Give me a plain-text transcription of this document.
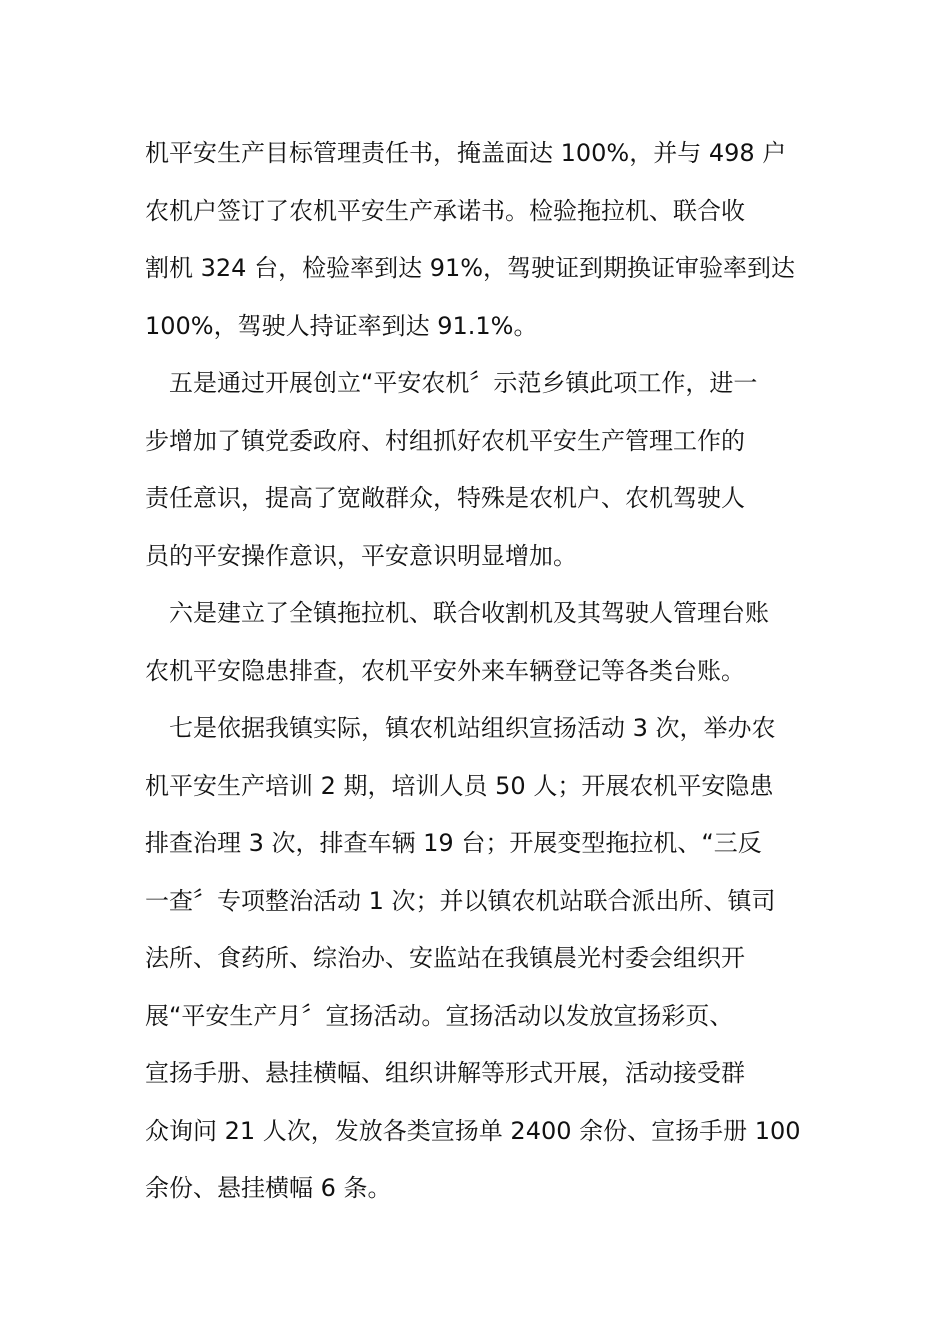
机平安生产目标管理责任书，掩盖面达 100%，并与 498 户
农机户签订了农机平安生产承诺书。检验拖拉机、联合收
割机 324 台，检验率到达 91%，驾驶证到期换证审验率到达
100%，驾驶人持证率到达 91.1%。

五是通过开展创立“平安农机〞示范乡镇此项工作，进一
步增加了镇党委政府、村组抓好农机平安生产管理工作的
责任意识，提高了宽敞群众，特殊是农机户、农机驾驶人
员的平安操作意识，平安意识明显增加。

六是建立了全镇拖拉机、联合收割机及其驾驶人管理台账
农机平安隐患排查，农机平安外来车辆登记等各类台账。

七是依据我镇实际，镇农机站组织宣扬活动 3 次，举办农
机平安生产培训 2 期，培训人员 50 人；开展农机平安隐患
排查治理 3 次，排查车辆 19 台；开展变型拖拉机、“三反
一查〞专项整治活动 1 次；并以镇农机站联合派出所、镇司
法所、食药所、综治办、安监站在我镇晨光村委会组织开
展“平安生产月〞宣扬活动。宣扬活动以发放宣扬彩页、
宣扬手册、悬挂横幅、组织讲解等形式开展，活动接受群
众询问 21 人次，发放各类宣扬单 2400 余份、宣扬手册 100
余份、悬挂横幅 6 条。
